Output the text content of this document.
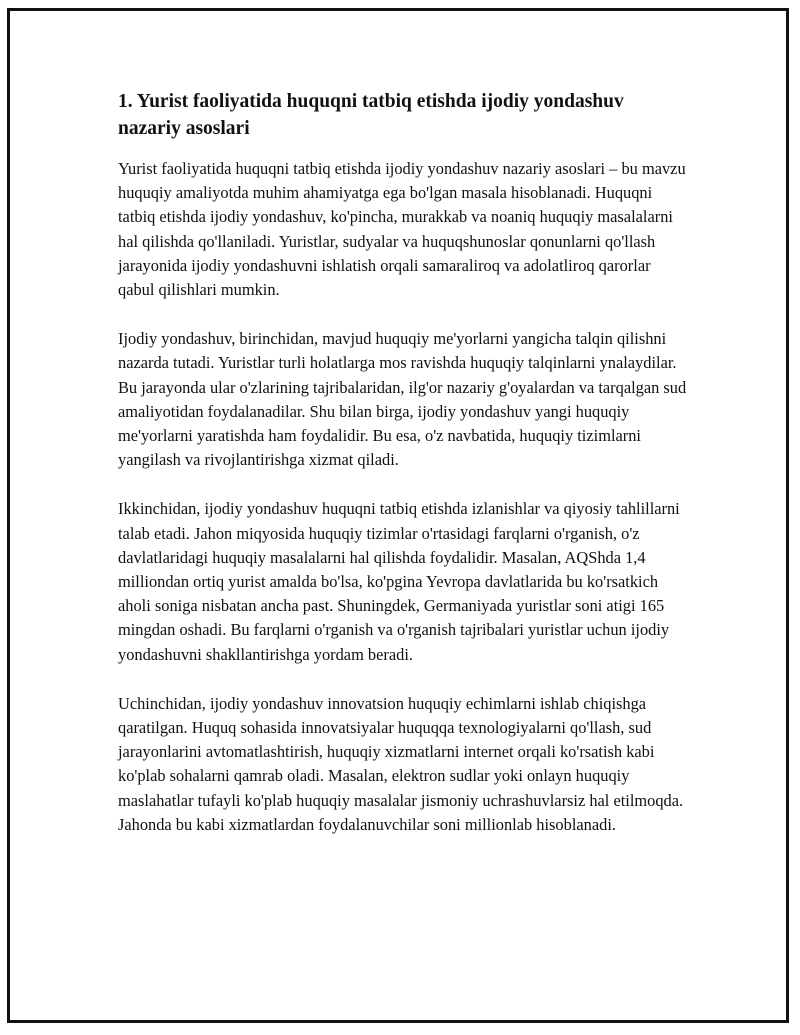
1. Yurist faoliyatida huquqni tatbiq etishda ijodiy yondashuv nazariy asoslari

Yurist faoliyatida huquqni tatbiq etishda ijodiy yondashuv nazariy asoslari – bu mavzu huquqiy amaliyotda muhim ahamiyatga ega bo'lgan masala hisoblanadi. Huquqni tatbiq etishda ijodiy yondashuv, ko'pincha, murakkab va noaniq huquqiy masalalarni hal qilishda qo'llaniladi. Yuristlar, sudyalar va huquqshunoslar qonunlarni qo'llash jarayonida ijodiy yondashuvni ishlatish orqali samaraliroq va adolatliroq qarorlar qabul qilishlari mumkin.

Ijodiy yondashuv, birinchidan, mavjud huquqiy me'yorlarni yangicha talqin qilishni nazarda tutadi. Yuristlar turli holatlarga mos ravishda huquqiy talqinlarni ynalaydilar. Bu jarayonda ular o'zlarining tajribalaridan, ilg'or nazariy g'oyalardan va tarqalgan sud amaliyotidan foydalanadilar. Shu bilan birga, ijodiy yondashuv yangi huquqiy me'yorlarni yaratishda ham foydalidir. Bu esa, o'z navbatida, huquqiy tizimlarni yangilash va rivojlantirishga xizmat qiladi.

Ikkinchidan, ijodiy yondashuv huquqni tatbiq etishda izlanishlar va qiyosiy tahlillarni talab etadi. Jahon miqyosida huquqiy tizimlar o'rtasidagi farqlarni o'rganish, o'z davlatlaridagi huquqiy masalalarni hal qilishda foydalidir. Masalan, AQShda 1,4 milliondan ortiq yurist amalda bo'lsa, ko'pgina Yevropa davlatlarida bu ko'rsatkich aholi soniga nisbatan ancha past. Shuningdek, Germaniyada yuristlar soni atigi 165 mingdan oshadi. Bu farqlarni o'rganish va o'rganish tajribalari yuristlar uchun ijodiy yondashuvni shakllantirishga yordam beradi.

Uchinchidan, ijodiy yondashuv innovatsion huquqiy echimlarni ishlab chiqishga qaratilgan. Huquq sohasida innovatsiyalar huquqqa texnologiyalarni qo'llash, sud jarayonlarini avtomatlashtirish, huquqiy xizmatlarni internet orqali ko'rsatish kabi ko'plab sohalarni qamrab oladi. Masalan, elektron sudlar yoki onlayn huquqiy maslahatlar tufayli ko'plab huquqiy masalalar jismoniy uchrashuvlarsiz hal etilmoqda. Jahonda bu kabi xizmatlardan foydalanuvchilar soni millionlab hisoblanadi.
